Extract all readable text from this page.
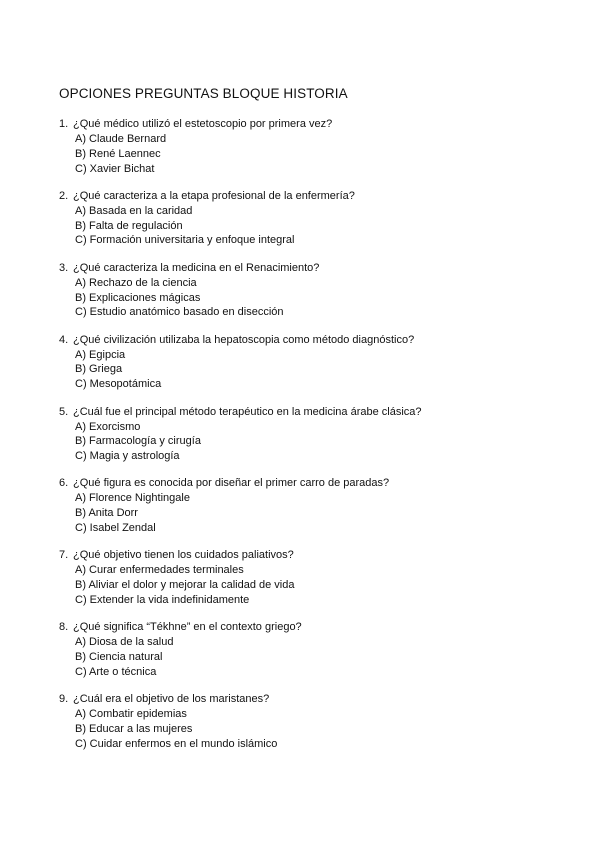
OPCIONES PREGUNTAS BLOQUE HISTORIA
1. ¿Qué médico utilizó el estetoscopio por primera vez?
A) Claude Bernard
B) René Laennec
C) Xavier Bichat
2. ¿Qué caracteriza a la etapa profesional de la enfermería?
A) Basada en la caridad
B) Falta de regulación
C) Formación universitaria y enfoque integral
3. ¿Qué caracteriza la medicina en el Renacimiento?
A) Rechazo de la ciencia
B) Explicaciones mágicas
C) Estudio anatómico basado en disección
4. ¿Qué civilización utilizaba la hepatoscopia como método diagnóstico?
A) Egipcia
B) Griega
C) Mesopotámica
5. ¿Cuál fue el principal método terapéutico en la medicina árabe clásica?
A) Exorcismo
B) Farmacología y cirugía
C) Magia y astrología
6. ¿Qué figura es conocida por diseñar el primer carro de paradas?
A) Florence Nightingale
B) Anita Dorr
C) Isabel Zendal
7. ¿Qué objetivo tienen los cuidados paliativos?
A) Curar enfermedades terminales
B) Aliviar el dolor y mejorar la calidad de vida
C) Extender la vida indefinidamente
8. ¿Qué significa “Tékhne” en el contexto griego?
A) Diosa de la salud
B) Ciencia natural
C) Arte o técnica
9. ¿Cuál era el objetivo de los maristanes?
A) Combatir epidemias
B) Educar a las mujeres
C) Cuidar enfermos en el mundo islámico
